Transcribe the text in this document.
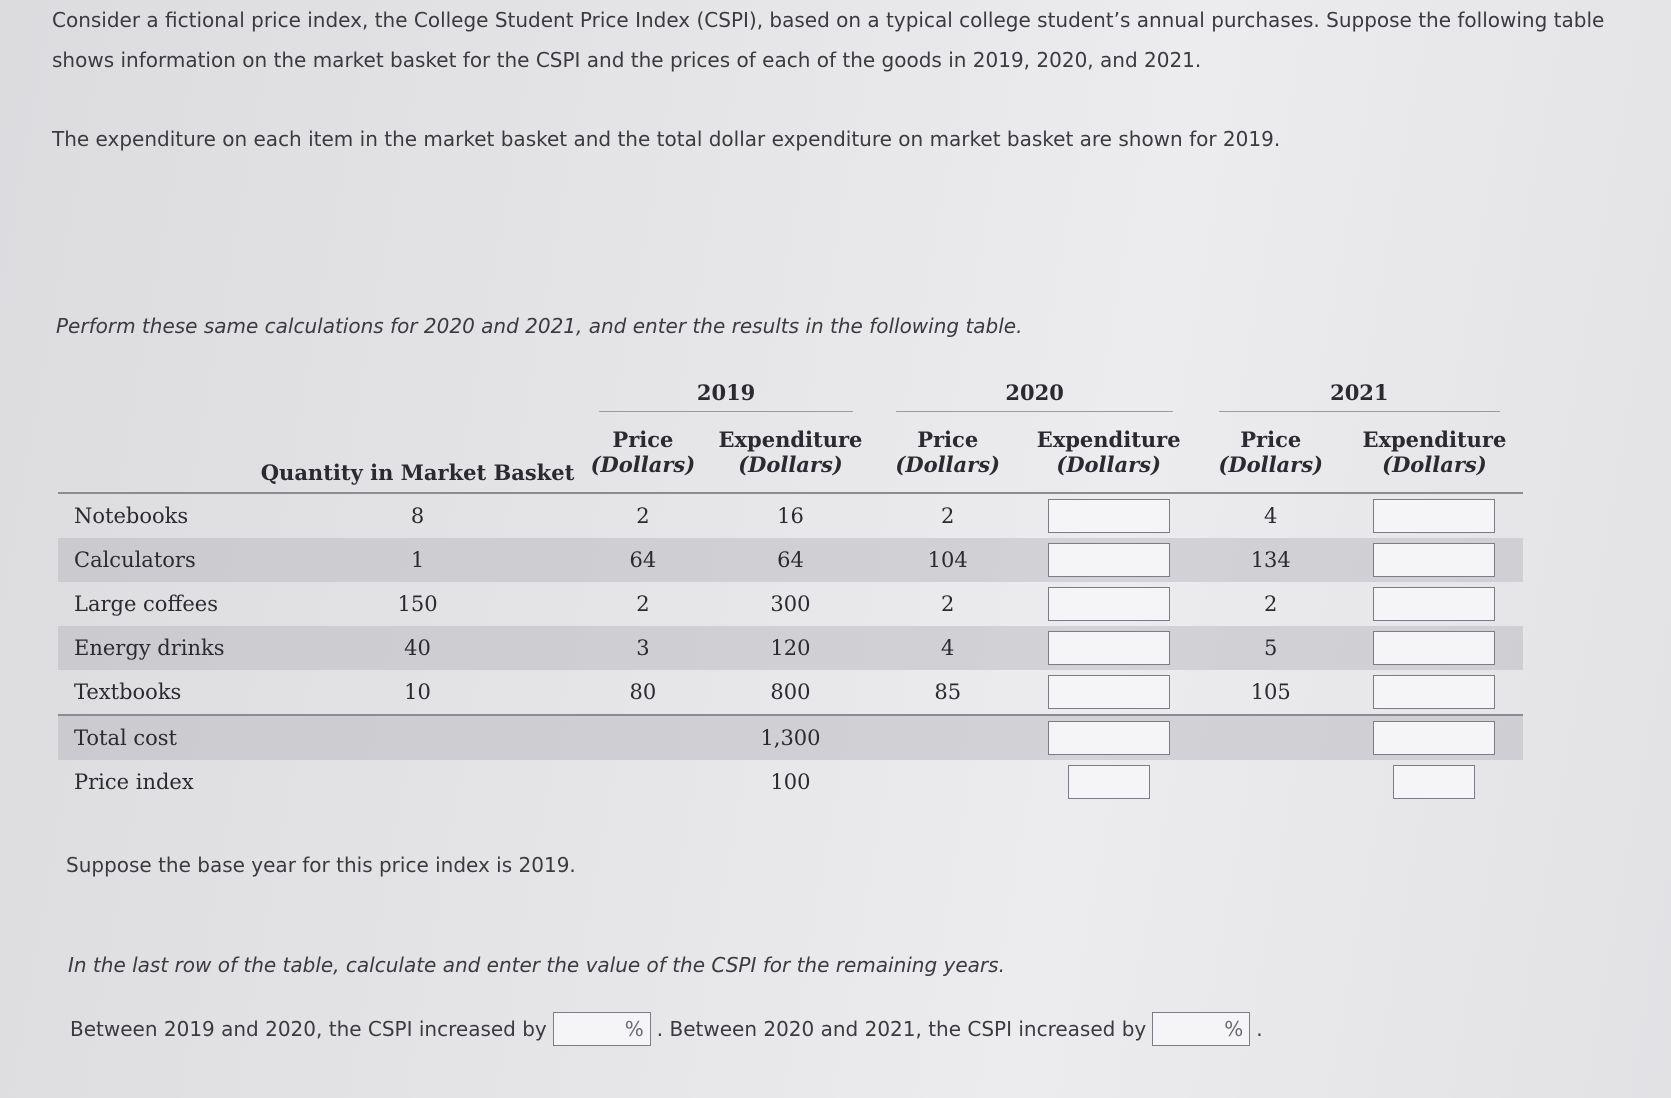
Consider a fictional price index, the College Student Price Index (CSPI), based on a typical college student’s annual purchases. Suppose the following table shows information on the market basket for the CSPI and the prices of each of the goods in 2019, 2020, and 2021.

The expenditure on each item in the market basket and the total dollar expenditure on market basket are shown for 2019.

Perform these same calculations for 2020 and 2021, and enter the results in the following table.

		2019		2020		2021	
		Price	Expenditure	Price	Expenditure	Price	Expenditure
	Quantity in Market Basket	(Dollars)	(Dollars)	(Dollars)	(Dollars)	(Dollars)	(Dollars)
Notebooks	8	2	16	2		4	
Calculators	1	64	64	104		134	
Large coffees	150	2	300	2		2	
Energy drinks	40	3	120	4		5	
Textbooks	10	80	800	85		105	
Total cost			1,300				
Price index			100				

Suppose the base year for this price index is 2019.

In the last row of the table, calculate and enter the value of the CSPI for the remaining years.

Between 2019 and 2020, the CSPI increased by	% . Between 2020 and 2021, the CSPI increased by	% .
